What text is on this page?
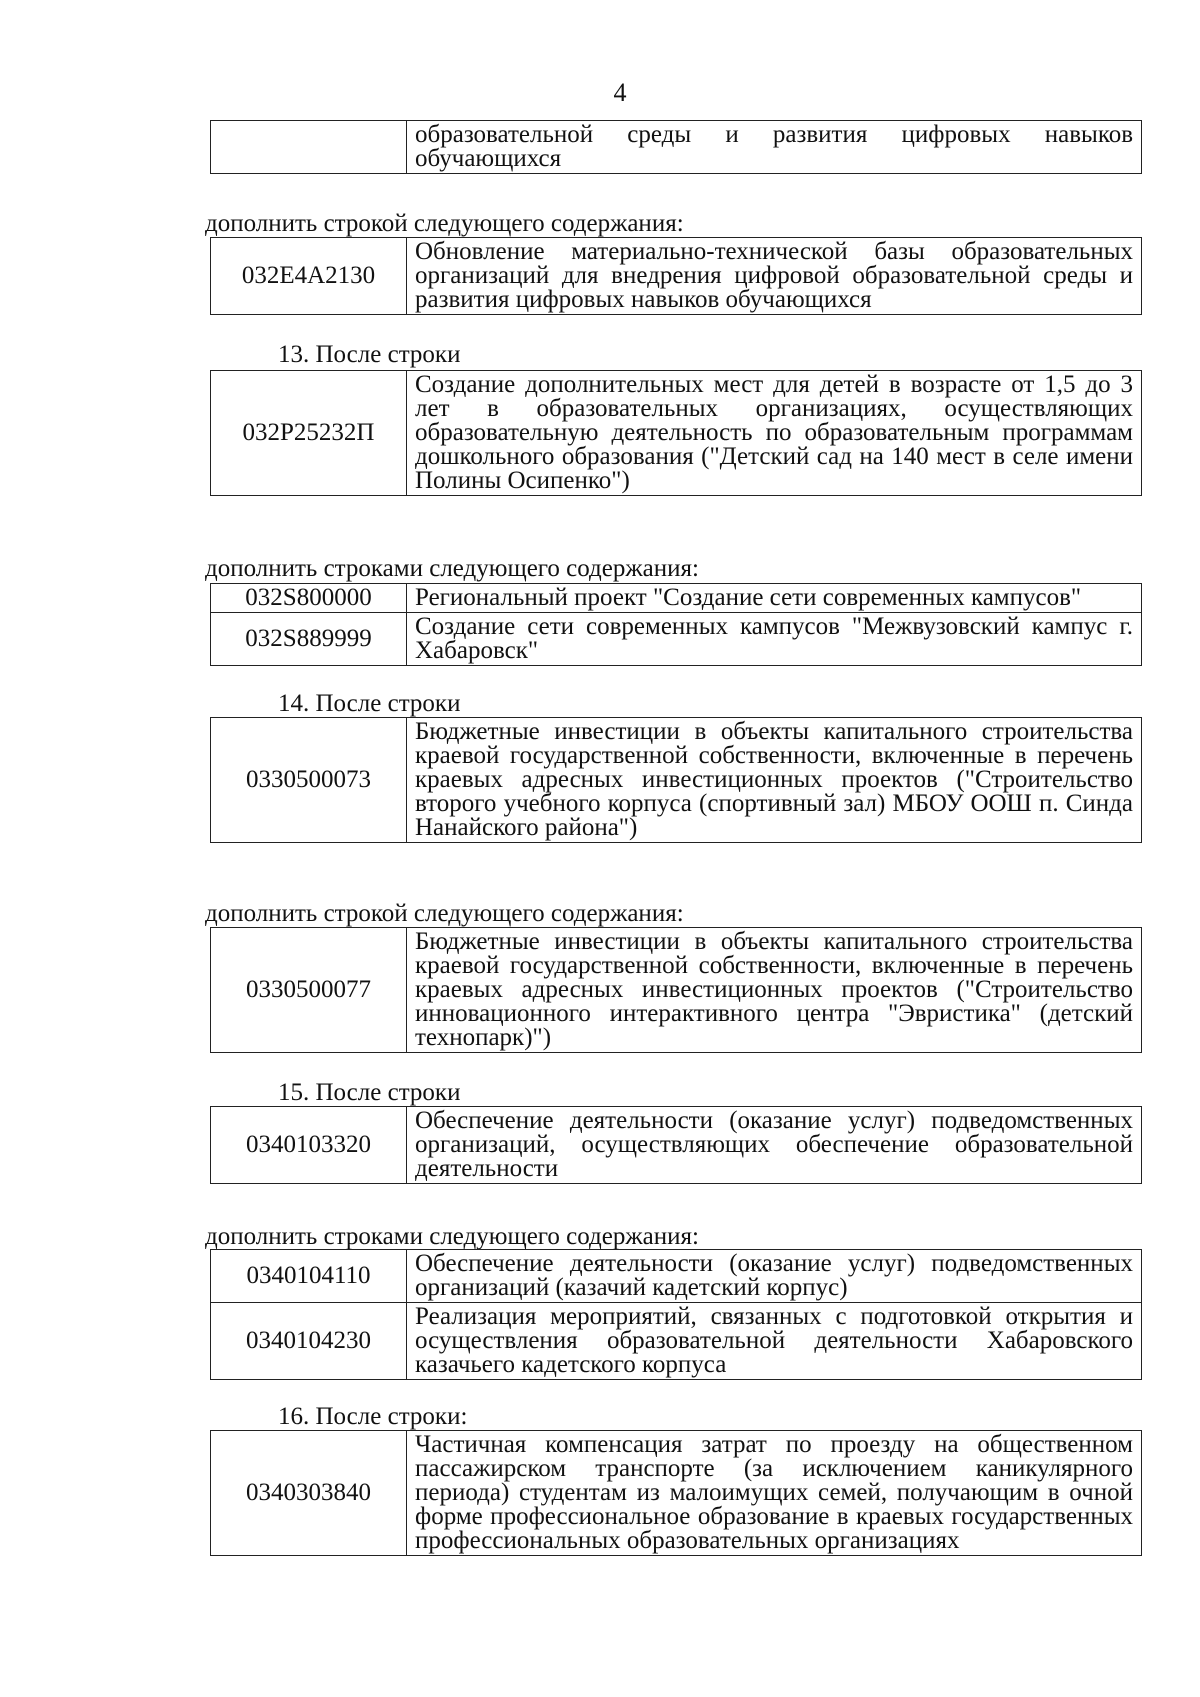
4
	образовательной среды и развития цифровых навыков обучающихся
дополнить строкой следующего содержания:
032E4A2130	Обновление материально-технической базы образовательных организаций для внедрения цифровой образовательной среды и развития цифровых навыков обучающихся
13. После строки
032P25232П	Создание дополнительных мест для детей в возрасте от 1,5 до 3 лет в образовательных организациях, осуществляющих образовательную деятельность по образовательным программам дошкольного образования ("Детский сад на 140 мест в селе имени Полины Осипенко")
дополнить строками следующего содержания:
032S800000	Региональный проект "Создание сети современных кампусов"
032S889999	Создание сети современных кампусов "Межвузовский кампус г. Хабаровск"
14. После строки
0330500073	Бюджетные инвестиции в объекты капитального строительства краевой государственной собственности, включенные в перечень краевых адресных инвестиционных проектов ("Строительство второго учебного корпуса (спортивный зал) МБОУ ООШ п. Синда Нанайского района")
дополнить строкой следующего содержания:
0330500077	Бюджетные инвестиции в объекты капитального строительства краевой государственной собственности, включенные в перечень краевых адресных инвестиционных проектов ("Строительство инновационного интерактивного центра "Эвристика" (детский технопарк)")
15. После строки
0340103320	Обеспечение деятельности (оказание услуг) подведомственных организаций, осуществляющих обеспечение образовательной деятельности
дополнить строками следующего содержания:
0340104110	Обеспечение деятельности (оказание услуг) подведомственных организаций (казачий кадетский корпус)
0340104230	Реализация мероприятий, связанных с подготовкой открытия и осуществления образовательной деятельности Хабаровского казачьего кадетского корпуса
16. После строки:
0340303840	Частичная компенсация затрат по проезду на общественном пассажирском транспорте (за исключением каникулярного периода) студентам из малоимущих семей, получающим в очной форме профессиональное образование в краевых государственных профессиональных образовательных организациях
